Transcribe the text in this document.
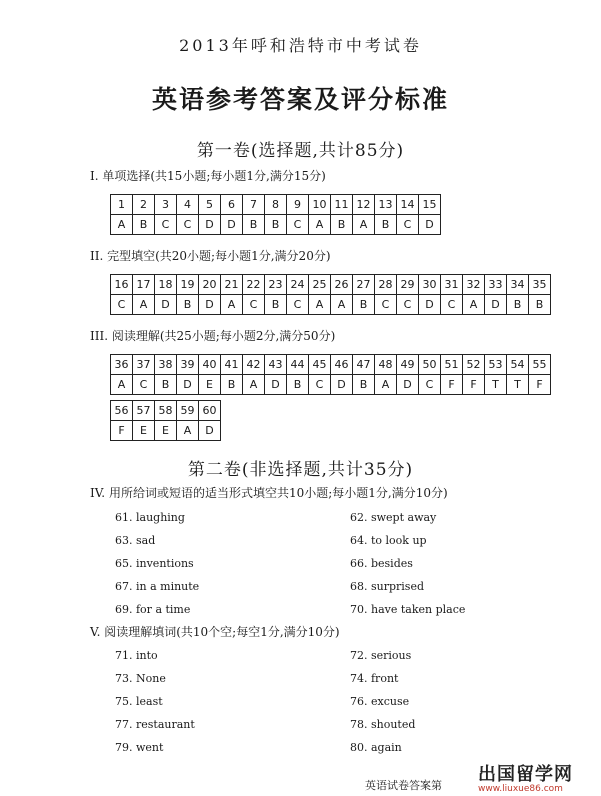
2013年呼和浩特市中考试卷
英语参考答案及评分标准
第一卷(选择题,共计85分)
I. 单项选择(共15小题;每小题1分,满分15分)
1	2	3	4	5	6	7	8	9	10	11	12	13	14	15
A	B	C	C	D	D	B	B	C	A	B	A	B	C	D
II. 完型填空(共20小题;每小题1分,满分20分)
16	17	18	19	20	21	22	23	24	25	26	27	28	29	30	31	32	33	34	35
C	A	D	B	D	A	C	B	C	A	A	B	C	C	D	C	A	D	B	B
III. 阅读理解(共25小题;每小题2分,满分50分)
36	37	38	39	40	41	42	43	44	45	46	47	48	49	50	51	52	53	54	55
A	C	B	D	E	B	A	D	B	C	D	B	A	D	C	F	F	T	T	F
56	57	58	59	60
F	E	E	A	D
第二卷(非选择题,共计35分)
IV. 用所给词或短语的适当形式填空共10小题;每小题1分,满分10分)
61. laughing	62. swept away
63. sad	64. to look up
65. inventions	66. besides
67. in a minute	68. surprised
69. for a time	70. have taken place
V. 阅读理解填词(共10个空;每空1分,满分10分)
71. into	72. serious
73. None	74. front
75. least	76. excuse
77. restaurant	78. shouted
79. went	80. again
英语试卷答案第
出国留学网
www.liuxue86.com
